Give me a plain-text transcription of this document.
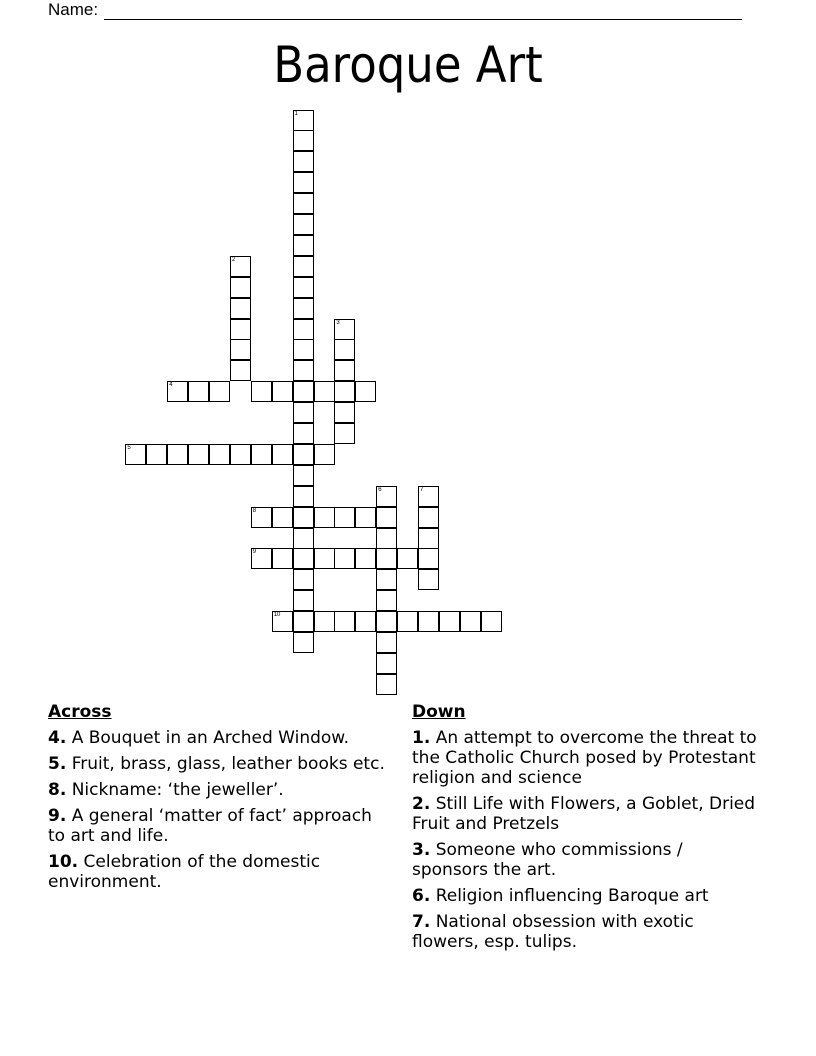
Name:
Baroque Art
1
2
3
4
5
6	7
8
9
10
Across
4. A Bouquet in an Arched Window.
5. Fruit, brass, glass, leather books etc.
8. Nickname: ‘the jeweller’.
9. A general ‘matter of fact’ approach to art and life.
10. Celebration of the domestic environment.
Down
1. An attempt to overcome the threat to the Catholic Church posed by Protestant religion and science
2. Still Life with Flowers, a Goblet, Dried Fruit and Pretzels
3. Someone who commissions / sponsors the art.
6. Religion influencing Baroque art
7. National obsession with exotic flowers, esp. tulips.
